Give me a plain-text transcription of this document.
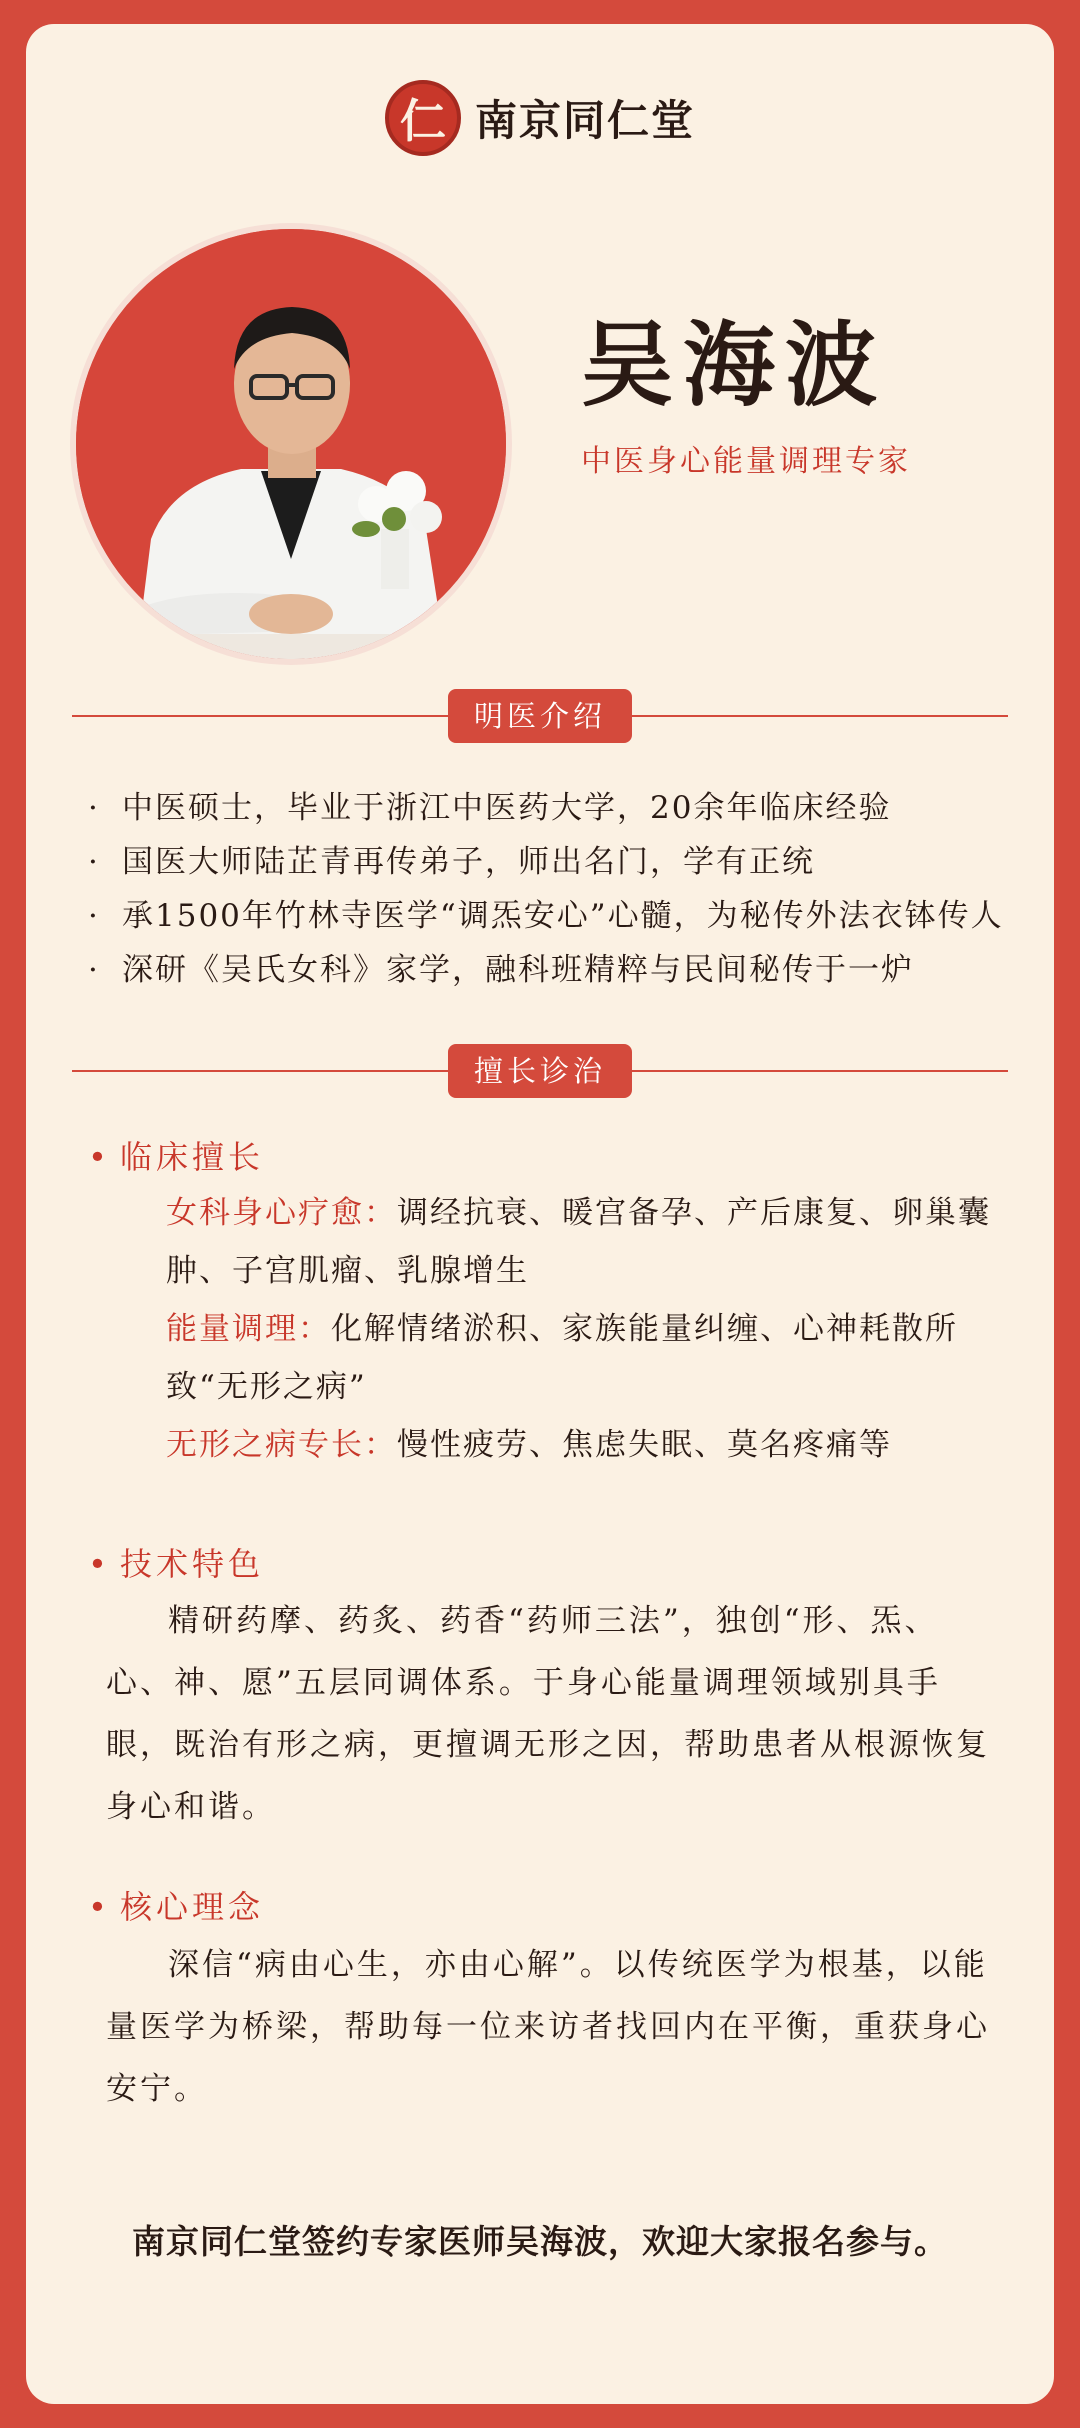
仁 南京同仁堂
吴海波
中医身心能量调理专家
明医介绍
· 中医硕士，毕业于浙江中医药大学，20余年临床经验
· 国医大师陆芷青再传弟子，师出名门，学有正统
· 承1500年竹林寺医学“调炁安心”心髓，为秘传外法衣钵传人
· 深研《吴氏女科》家学，融科班精粹与民间秘传于一炉
擅长诊治
• 临床擅长
女科身心疗愈：调经抗衰、暖宫备孕、产后康复、卵巢囊肿、子宫肌瘤、乳腺增生
能量调理：化解情绪淤积、家族能量纠缠、心神耗散所致“无形之病”
无形之病专长：慢性疲劳、焦虑失眠、莫名疼痛等
• 技术特色
精研药摩、药炙、药香“药师三法”，独创“形、炁、心、神、愿”五层同调体系。于身心能量调理领域别具手眼，既治有形之病，更擅调无形之因，帮助患者从根源恢复身心和谐。
• 核心理念
深信“病由心生，亦由心解”。以传统医学为根基，以能量医学为桥梁，帮助每一位来访者找回内在平衡，重获身心安宁。
南京同仁堂签约专家医师吴海波，欢迎大家报名参与。
